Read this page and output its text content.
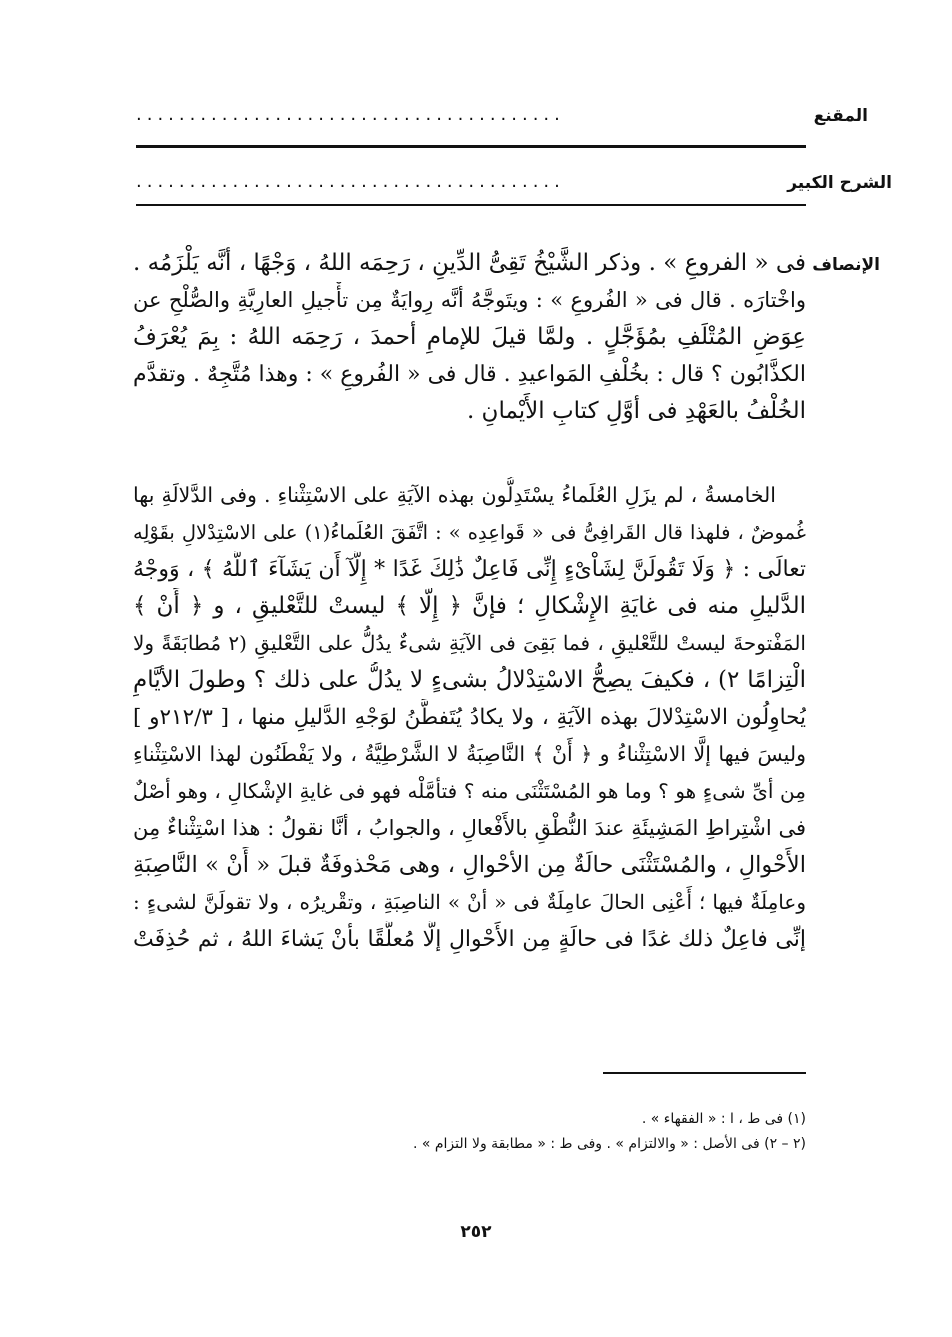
المقنع
........................................
الشرح الكبير
........................................
الإنصاف
فى « الفروعِ » . وذكر الشَّيْخُ تَقِىُّ الدِّينِ ، رَحِمَه اللهُ ، وَجْهًا ، أنَّه يَلْزَمُه .
واخْتارَه . قال فى « الفُروعِ » : ويتَوجَّهُ أنَّه رِوايَةٌ مِن تأْجيلِ العارِيَّةِ والصُّلْحِ عن
عِوَضِ المُتْلَفِ بمُؤَجَّلٍ . ولمَّا قيلَ للإمامِ أحمدَ ، رَحِمَه اللهُ : بِمَ يُعْرَفُ
الكذَّابُون ؟ قال : بخُلْفِ المَواعيدِ . قال فى « الفُروعِ » : وهذا مُتَّجِهٌ . وتقدَّم
الخُلْفُ بالعَهْدِ فى أوَّلِ كتابِ الأَيْمانِ .
الخامسةُ ، لم يزَلِ العُلَماءُ يسْتَدِلُّون بهذه الآيَةِ على الاسْتِثْناءِ . وفى الدَّلالَةِ بها
غُموضٌ ، فلهذا قال القَرافِىُّ فى « قَواعِدِه » : اتَّفَقَ العُلَماءُ(١) على الاسْتِدْلالِ بقَوْلِه
تعالَى : ﴿ وَلَا تَقُولَنَّ لِشَاْىْءٍ إِنِّى فَاعِلٌ ذَٰلِكَ غَدًا * إِلَّآ أَن يَشَآءَ ٱللَّهُ ﴾ ، وَوجْهُ
الدَّليلِ منه فى غايَةِ الإِشْكالِ ؛ فإنَّ ﴿ إِلَّا ﴾ ليستْ للتَّعْليقِ ، و ﴿ أَنْ ﴾
المَفْتوحةَ ليستْ للتَّعْليقِ ، فما بَقِىَ فى الآيَةِ شىءٌ يدُلُّ على التَّعْليقِ (٢ مُطابَقَةً ولا
الْتِزامًا ٢) ، فكيفَ يصِحُّ الاسْتِدْلالُ بشىءٍ لا يدُلُّ على ذلك ؟ وطولَ الأيَّامِ
يُحاوِلُون الاسْتِدْلالَ بهذه الآيَةِ ، ولا يكادُ يُتَفطَّنُ لوَجْهِ الدَّليلِ منها ، [ ٢١٢/٣و ]
وليسَ فيها إلَّا الاسْتِثْناءُ و ﴿ أَنْ ﴾ النَّاصِبَةُ لا الشَّرْطِيَّةُ ، ولا يَفْطَنُون لهذا الاسْتِثْناءِ
مِن أىِّ شىءٍ هو ؟ وما هو المُسْتَثْنَى منه ؟ فتأمَّلْه فهو فى غايةِ الإشْكالِ ، وهو أصْلٌ
فى اشْتِراطِ المَشِيئَةِ عندَ النُّطْقِ بالأَفْعالِ ، والجوابُ ، أنَّا نقولُ : هذا اسْتِثْناءٌ مِن
الأَحْوالِ ، والمُسْتَثْنَى حالَةٌ مِن الأحْوالِ ، وهى مَحْذوفَةٌ قبلَ « أَنْ » النَّاصِبَةِ
وعامِلَةٌ فيها ؛ أَعْنِى الحالَ عامِلَةٌ فى « أنْ » الناصِبَةِ ، وتقْريرُه ، ولا تقولَنَّ لشىءٍ :
إنِّى فاعِلٌ ذلك غدًا فى حالَةٍ مِن الأَحْوالِ إلَّا مُعلَّقًا بأنْ يَشاءَ اللهُ ، ثم حُذِفَتْ
(١) فى ط ، ا : « الفقهاء » .
(٢ – ٢) فى الأصل : « والالتزام » . وفى ط : « مطابقة ولا التزام » .
٢٥٢
